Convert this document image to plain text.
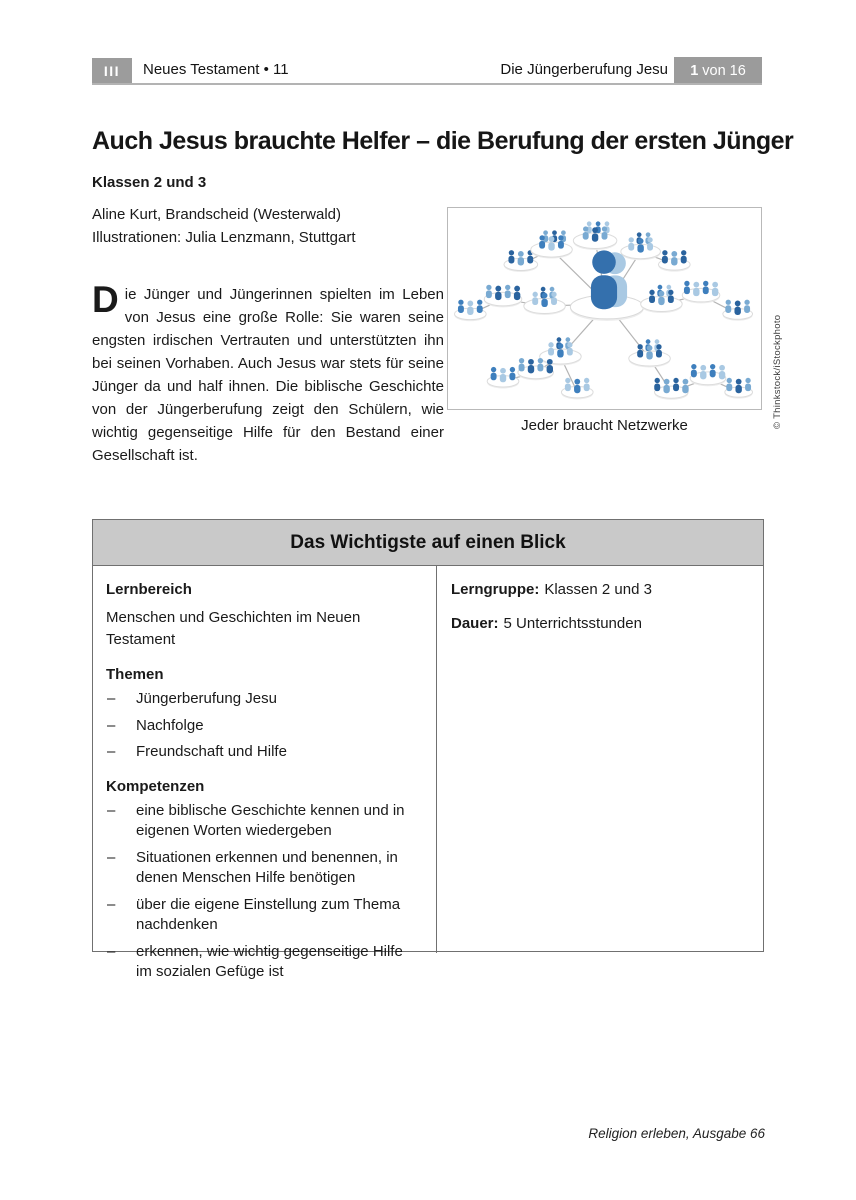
III	Neues Testament • 11	Die Jüngerberufung Jesu 1 von 16
Auch Jesus brauchte Helfer – die Berufung der ersten Jünger
Klassen 2 und 3
Aline Kurt, Brandscheid (Westerwald)
Illustrationen: Julia Lenzmann, Stuttgart
Die Jünger und Jüngerinnen spielten im Leben von Jesus eine große Rolle: Sie waren seine engsten irdischen Vertrauten und unterstützten ihn bei seinen Vorhaben. Auch Jesus war stets für seine Jünger da und half ihnen. Die biblische Geschichte von der Jüngerberufung zeigt den Schülern, wie wichtig gegenseitige Hilfe für den Bestand einer Gesellschaft ist.
Jeder braucht Netzwerke	© Thinkstock/iStockphoto
Das Wichtigste auf einen Blick
Lernbereich

Menschen und Geschichten im Neuen Testament

Themen
– Jüngerberufung Jesu
– Nachfolge
– Freundschaft und Hilfe
Kompetenzen
– eine biblische Geschichte kennen und in eigenen Worten wiedergeben
– Situationen erkennen und benennen, in denen Menschen Hilfe benötigen
– über die eigene Einstellung zum Thema nachdenken
– erkennen, wie wichtig gegenseitige Hilfe im sozialen Gefüge ist
Lerngruppe: Klassen 2 und 3
Dauer: 5 Unterrichtsstunden
Religion erleben, Ausgabe 66
